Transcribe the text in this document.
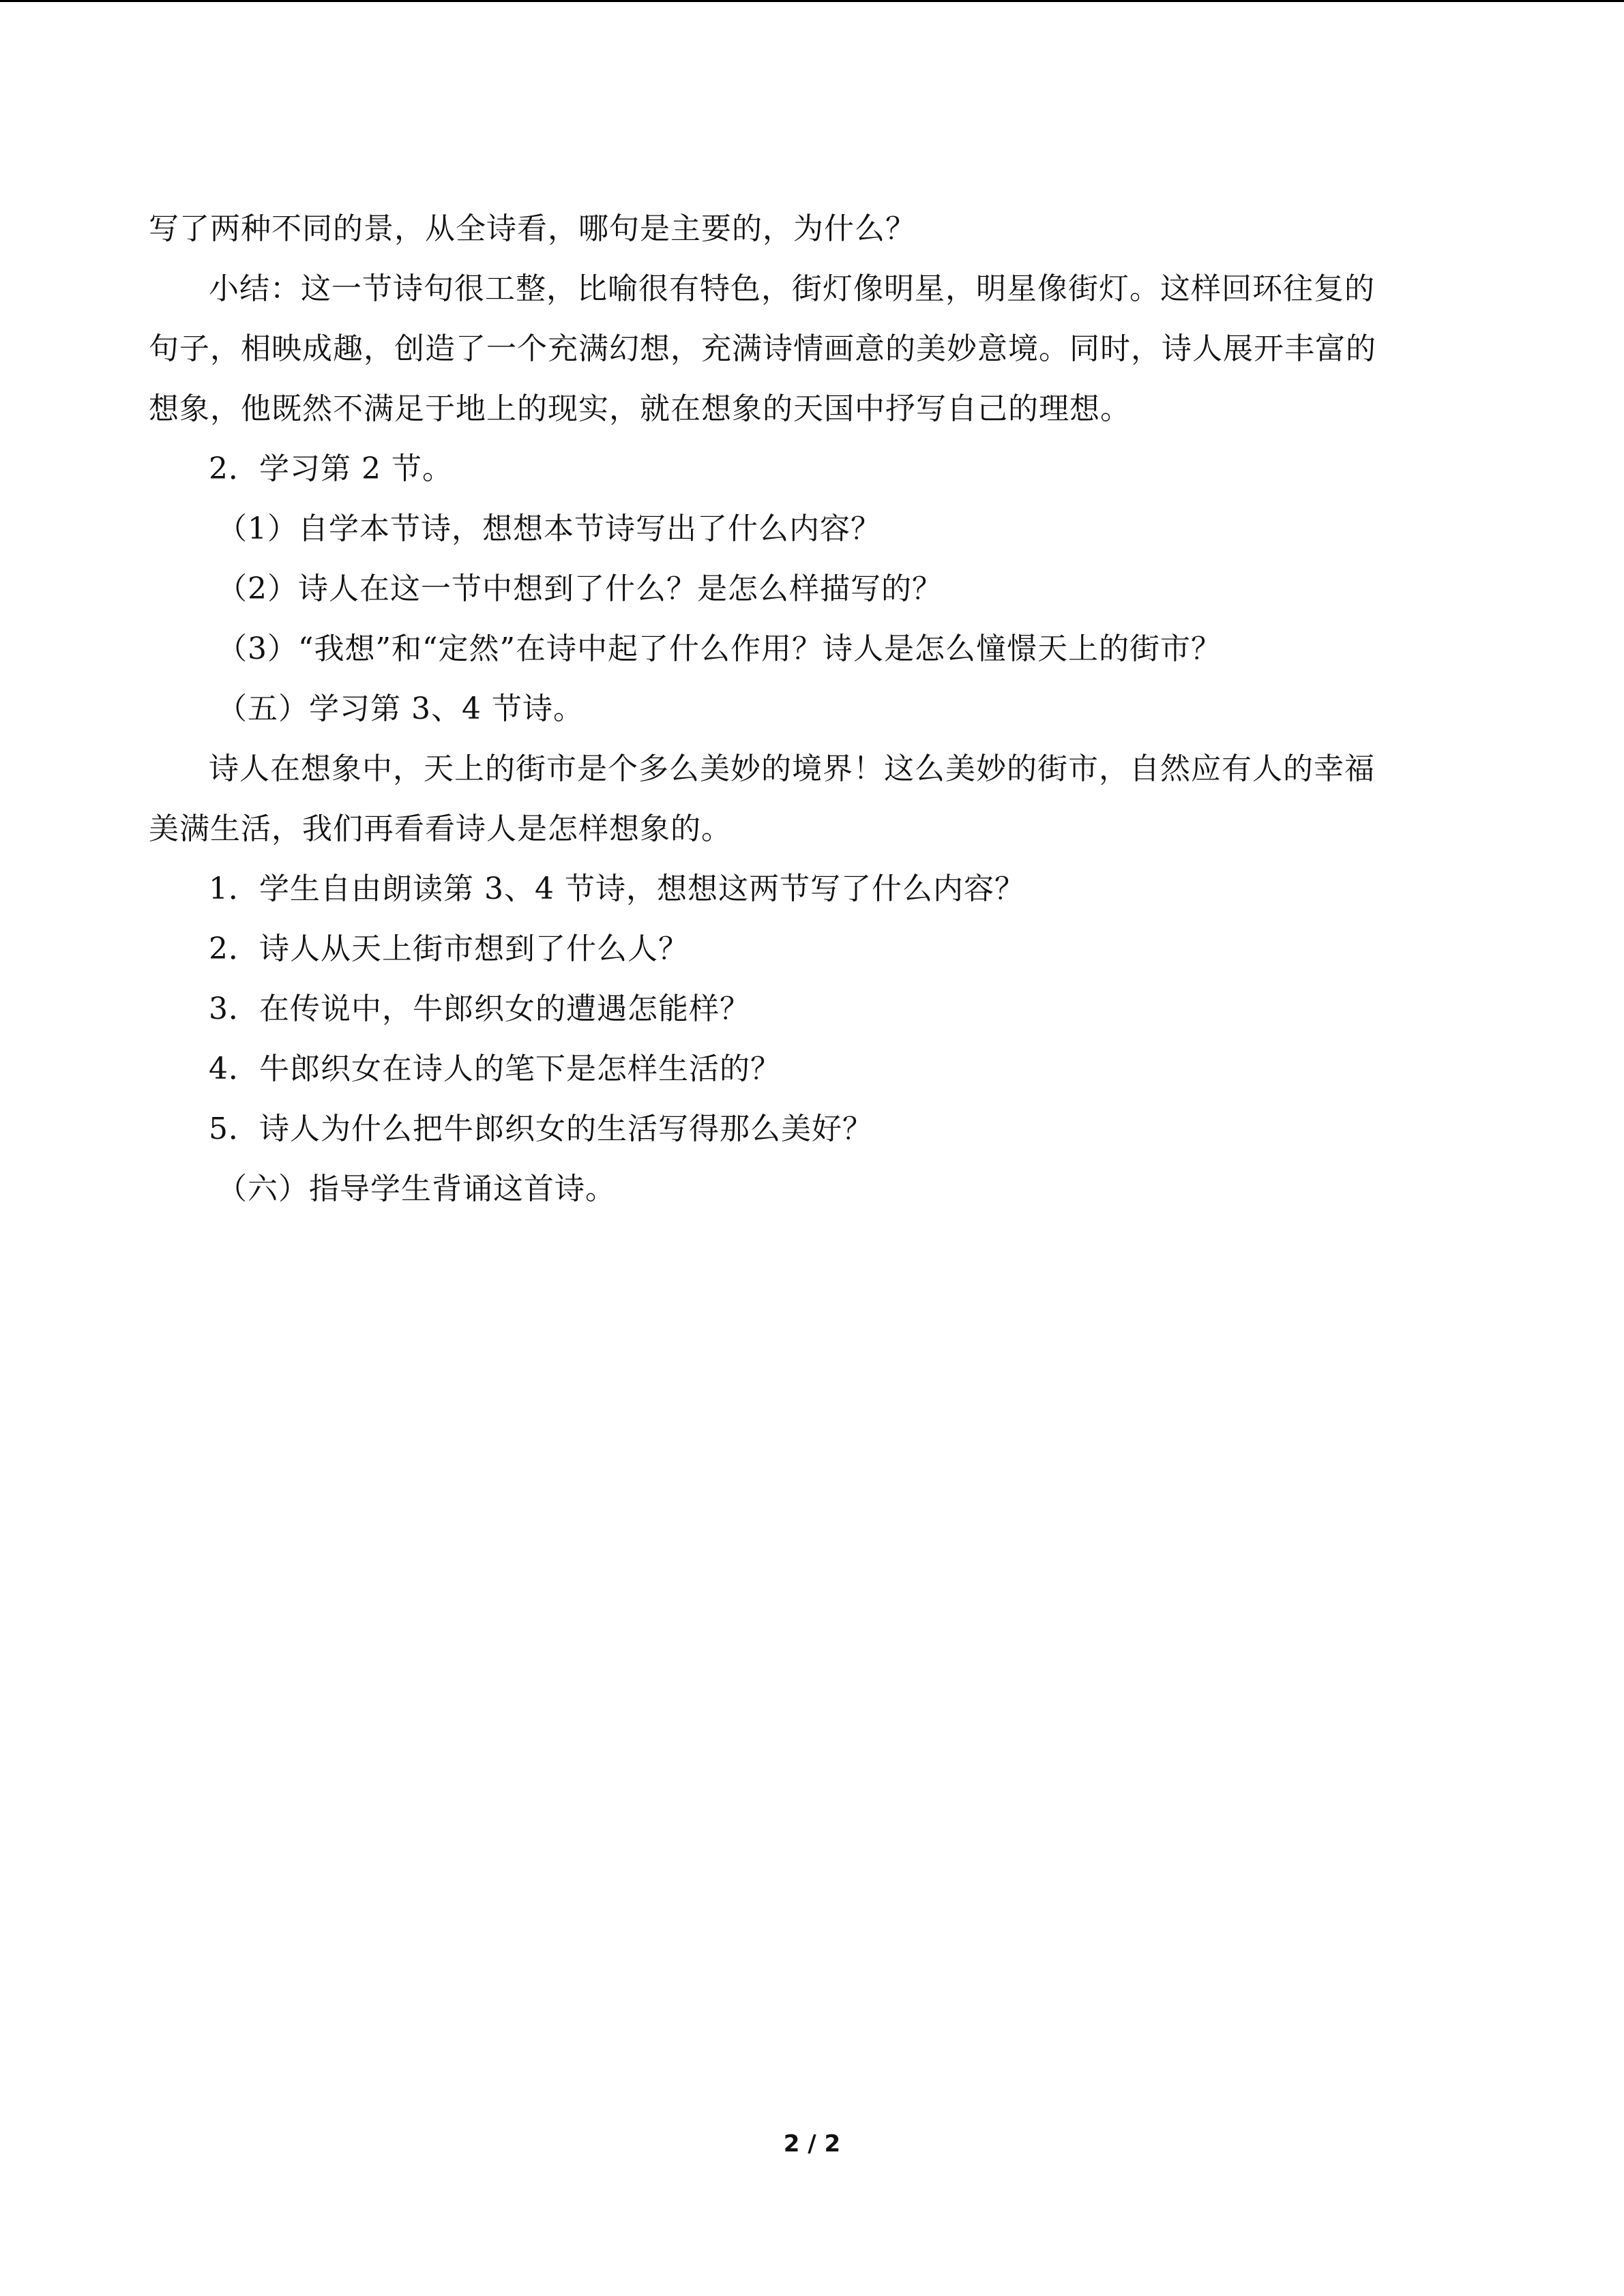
写了两种不同的景，从全诗看，哪句是主要的，为什么？
小结：这一节诗句很工整，比喻很有特色，街灯像明星，明星像街灯。这样回环往复的
句子，相映成趣，创造了一个充满幻想，充满诗情画意的美妙意境。同时，诗人展开丰富的
想象，他既然不满足于地上的现实，就在想象的天国中抒写自己的理想。
2．学习第 2 节。
（1）自学本节诗，想想本节诗写出了什么内容？
（2）诗人在这一节中想到了什么？是怎么样描写的？
（3）“我想”和“定然”在诗中起了什么作用？诗人是怎么憧憬天上的街市？
（五）学习第 3、4 节诗。
诗人在想象中，天上的街市是个多么美妙的境界！这么美妙的街市，自然应有人的幸福
美满生活，我们再看看诗人是怎样想象的。
1．学生自由朗读第 3、4 节诗，想想这两节写了什么内容？
2．诗人从天上街市想到了什么人？
3．在传说中，牛郎织女的遭遇怎能样？
4．牛郎织女在诗人的笔下是怎样生活的？
5．诗人为什么把牛郎织女的生活写得那么美好？
（六）指导学生背诵这首诗。
2 / 2
